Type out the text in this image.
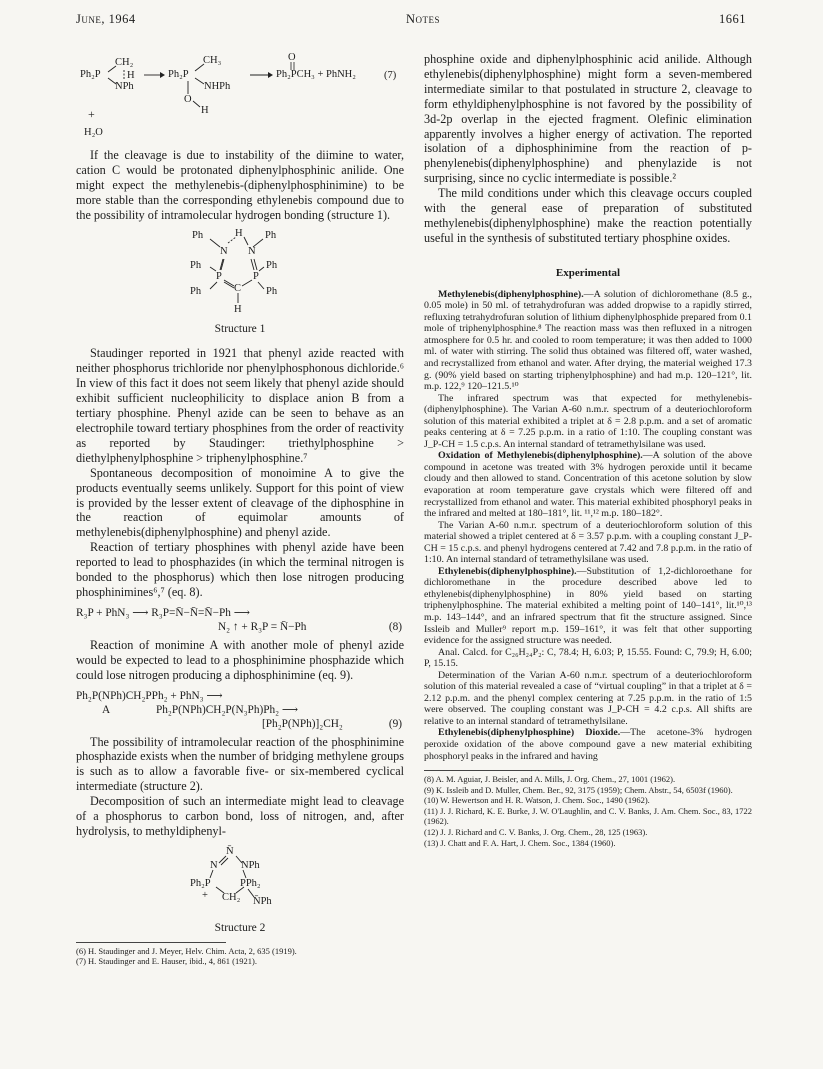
June, 1964	Notes	1661
Ph₂P
CH₂
H
NPh
Ph₂P
CH₃
NHPh
O
H
O
Ph₂PCH₃ + PhNH₂	(7)
+
H₂O

If the cleavage is due to instability of the diimine to water, cation C would be protonated diphenylphosphinic anilide. One might expect the methylenebis-(diphenylphosphinimine) to be more stable than the corresponding ethylenebis compound due to the possibility of intramolecular hydrogen bonding (structure 1).

Ph	H Ph
N N
Ph	Ph
P
C
P
Ph	Ph
H
Structure 1

Staudinger reported in 1921 that phenyl azide reacted with neither phosphorus trichloride nor phenylphosphonous dichloride.⁶ In view of this fact it does not seem likely that phenyl azide should exhibit sufficient nucleophilicity to displace anion B from a tertiary phosphine. Phenyl azide can be seen to behave as an electrophile toward tertiary phosphines from the order of reactivity as reported by Staudinger: triethylphosphine > diethylphenylphosphine > triphenylphosphine.⁷

Spontaneous decomposition of monoimine A to give the products eventually seems unlikely. Support for this point of view is provided by the lesser extent of cleavage of the diphosphine in the reaction of equimolar amounts of methylenebis(diphenylphosphine) and phenyl azide.

Reaction of tertiary phosphines with phenyl azide have been reported to lead to phosphazides (in which the terminal nitrogen is bonded to the phosphorus) which then lose nitrogen producing phosphinimines⁶,⁷ (eq. 8).

R₃P + PhN₃ ⟶ R₃P=N̄−N̄=N̄−Ph ⟶
N₂ ↑ + R₃P = N̄−Ph	(8)

Reaction of monimine A with another mole of phenyl azide would be expected to lead to a phosphinimine phosphazide which could lose nitrogen producing a diphosphinimine (eq. 9).

Ph₂P(NPh)CH₂PPh₂ + PhN₃ ⟶
A	Ph₂P(NPh)CH₂P(N₃Ph)Ph₂ ⟶
[Ph₂P(NPh)]₂CH₂	(9)

The possibility of intramolecular reaction of the phosphinimine phosphazide exists when the number of bridging methylene groups is such as to allow a favorable five- or six-membered cyclical intermediate (structure 2).

Decomposition of such an intermediate might lead to cleavage of a phosphorus to carbon bond, loss of nitrogen, and, after hydrolysis, to methyldiphenyl-

N̄
N NPh
Ph₂P	PPh₂
+ CH₂ N̄Ph
Structure 2
(6) H. Staudinger and J. Meyer, Helv. Chim. Acta, 2, 635 (1919).
(7) H. Staudinger and E. Hauser, ibid., 4, 861 (1921).

phosphine oxide and diphenylphosphinic acid anilide. Although ethylenebis(diphenylphosphine) might form a seven-membered intermediate similar to that postulated in structure 2, cleavage to form ethyldiphenylphosphine is not favored by the possibility of 3d-2p overlap in the ejected fragment. Olefinic elimination apparently involves a higher energy of activation. The reported isolation of a diphosphinimine from the reaction of p-phenylenebis(diphenylphosphine) and phenylazide is not surprising, since no cyclic intermediate is possible.²

The mild conditions under which this cleavage occurs coupled with the general ease of preparation of substituted methylenebis(diphenylphosphine) make the reaction potentially useful in the synthesis of substituted tertiary phosphine oxides.

Experimental

Methylenebis(diphenylphosphine).—A solution of dichloromethane (8.5 g., 0.05 mole) in 50 ml. of tetrahydrofuran was added dropwise to a rapidly stirred, refluxing tetrahydrofuran solution of lithium diphenylphosphide prepared from 0.1 mole of triphenylphosphine.⁸ The reaction mass was then refluxed in a nitrogen atmosphere for 0.5 hr. and cooled to room temperature; it was then added to 1000 ml. of water with stirring. The solid thus obtained was filtered off, water washed, and recrystallized from ethanol and water. After drying, the material weighed 17.3 g. (90% yield based on starting triphenylphosphine) and had m.p. 120–121°, lit. m.p. 122,⁹ 120–121.5.¹⁰

The infrared spectrum was that expected for methylenebis-(diphenylphosphine). The Varian A-60 n.m.r. spectrum of a deuteriochloroform solution of this material exhibited a triplet at δ = 2.8 p.p.m. and a set of aromatic peaks centering at δ = 7.25 p.p.m. in a ratio of 1:10. The coupling constant was J_P-CH = 1.5 c.p.s. An internal standard of tetramethylsilane was used.

Oxidation of Methylenebis(diphenylphosphine).—A solution of the above compound in acetone was treated with 3% hydrogen peroxide until it became cloudy and then allowed to stand. Concentration of this acetone solution by slow evaporation at room temperature gave crystals which were filtered off and recrystallized from ethanol and water. This material exhibited phosphoryl peaks in the infrared and melted at 180–181°, lit. ¹¹,¹² m.p. 180–182°.

The Varian A-60 n.m.r. spectrum of a deuteriochloroform solution of this material showed a triplet centered at δ = 3.57 p.p.m. with a coupling constant J_P-CH = 15 c.p.s. and phenyl hydrogens centered at 7.42 and 7.8 p.p.m. in the ratio of 1:10. An internal standard of tetramethylsilane was used.

Ethylenebis(diphenylphosphine).—Substitution of 1,2-dichloroethane for dichloromethane in the procedure described above led to ethylenebis(diphenylphosphine) in 80% yield based on starting triphenylphosphine. The material exhibited a melting point of 140–141°, lit.¹⁰,¹³ m.p. 143–144°, and an infrared spectrum that fit the structure assigned. Since Issleib and Muller⁹ report m.p. 159–161°, it was felt that other supporting evidence for the assigned structure was needed.

Anal. Calcd. for C₂₆H₂₄P₂: C, 78.4; H, 6.03; P, 15.55. Found: C, 79.9; H, 6.00; P, 15.15.

Determination of the Varian A-60 n.m.r. spectrum of a deuteriochloroform solution of this material revealed a case of “virtual coupling” in that a triplet at δ = 2.12 p.p.m. and the phenyl complex centering at 7.25 p.p.m. in the ratio of 1:5 were observed. The coupling constant was J_P-CH = 4.2 c.p.s. All shifts are relative to an internal standard of tetramethylsilane.

Ethylenebis(diphenylphosphine) Dioxide.—The acetone-3% hydrogen peroxide oxidation of the above compound gave a new material exhibiting phosphoryl peaks in the infrared and having

(8) A. M. Aguiar, J. Beisler, and A. Mills, J. Org. Chem., 27, 1001 (1962).
(9) K. Issleib and D. Muller, Chem. Ber., 92, 3175 (1959); Chem. Abstr., 54, 6503f (1960).
(10) W. Hewertson and H. R. Watson, J. Chem. Soc., 1490 (1962).
(11) J. J. Richard, K. E. Burke, J. W. O'Laughlin, and C. V. Banks, J. Am. Chem. Soc., 83, 1722 (1962).
(12) J. J. Richard and C. V. Banks, J. Org. Chem., 28, 125 (1963).
(13) J. Chatt and F. A. Hart, J. Chem. Soc., 1384 (1960).
